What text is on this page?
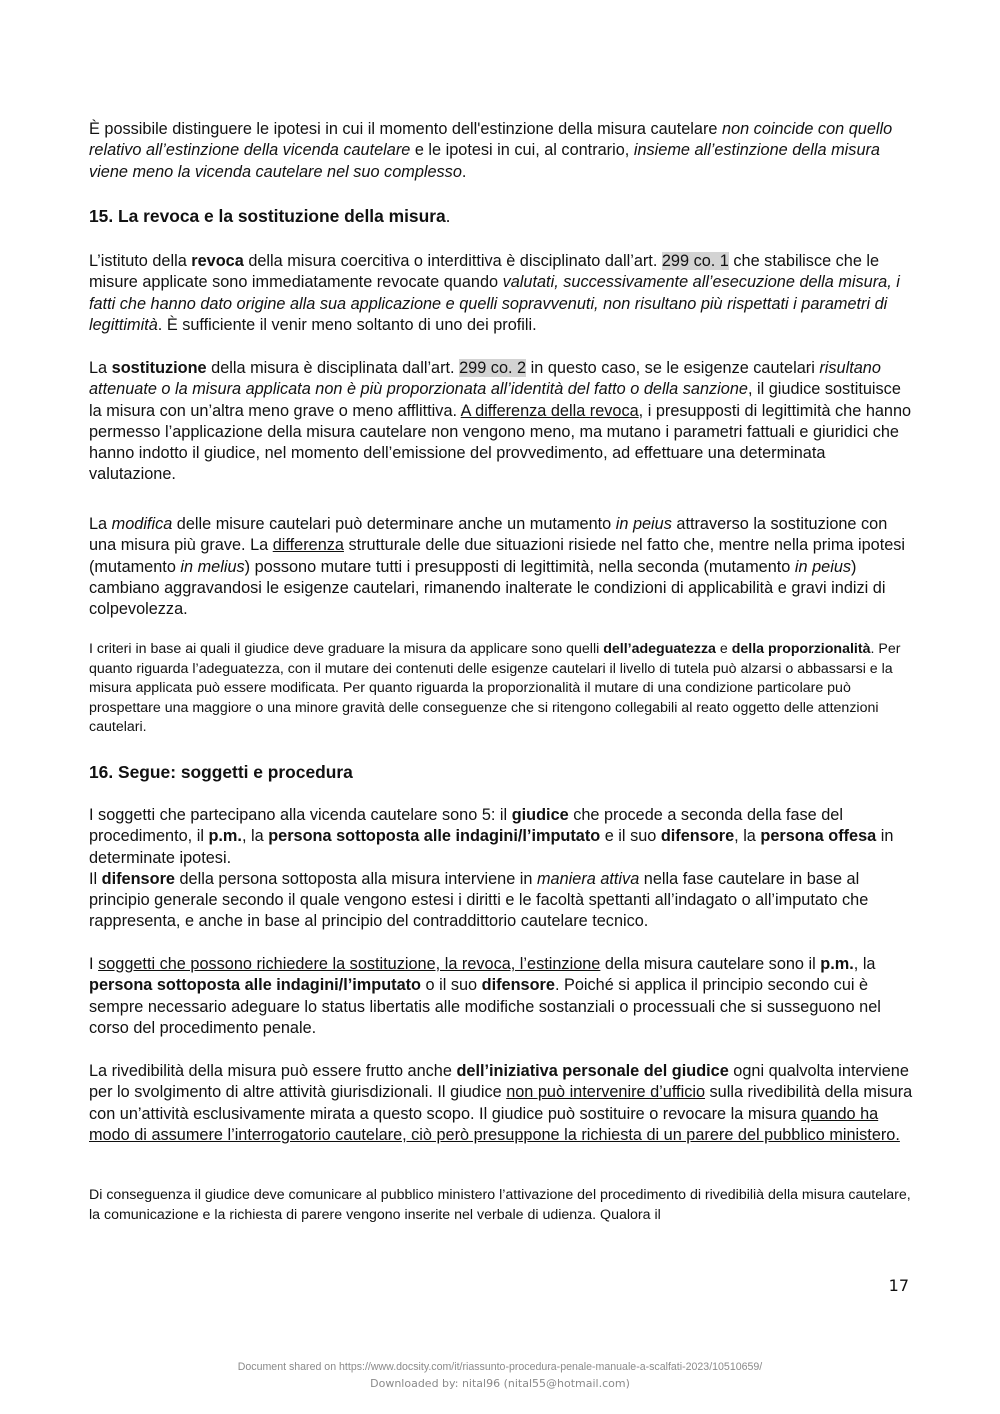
È possibile distinguere le ipotesi in cui il momento dell'estinzione della misura cautelare non coincide con quello relativo all’estinzione della vicenda cautelare e le ipotesi in cui, al contrario, insieme all’estinzione della misura viene meno la vicenda cautelare nel suo complesso.

15. La revoca e la sostituzione della misura.

L’istituto della revoca della misura coercitiva o interdittiva è disciplinato dall’art. 299 co. 1 che stabilisce che le misure applicate sono immediatamente revocate quando valutati, successivamente all’esecuzione della misura, i fatti che hanno dato origine alla sua applicazione e quelli sopravvenuti, non risultano più rispettati i parametri di legittimità. È sufficiente il venir meno soltanto di uno dei profili.

La sostituzione della misura è disciplinata dall’art. 299 co. 2 in questo caso, se le esigenze cautelari risultano attenuate o la misura applicata non è più proporzionata all’identità del fatto o della sanzione, il giudice sostituisce la misura con un’altra meno grave o meno afflittiva. A differenza della revoca, i presupposti di legittimità che hanno permesso l’applicazione della misura cautelare non vengono meno, ma mutano i parametri fattuali e giuridici che hanno indotto il giudice, nel momento dell’emissione del provvedimento, ad effettuare una determinata valutazione.

La modifica delle misure cautelari può determinare anche un mutamento in peius attraverso la sostituzione con una misura più grave. La differenza strutturale delle due situazioni risiede nel fatto che, mentre nella prima ipotesi (mutamento in melius) possono mutare tutti i presupposti di legittimità, nella seconda (mutamento in peius) cambiano aggravandosi le esigenze cautelari, rimanendo inalterate le condizioni di applicabilità e gravi indizi di colpevolezza.

I criteri in base ai quali il giudice deve graduare la misura da applicare sono quelli dell’adeguatezza e della proporzionalità. Per quanto riguarda l’adeguatezza, con il mutare dei contenuti delle esigenze cautelari il livello di tutela può alzarsi o abbassarsi e la misura applicata può essere modificata. Per quanto riguarda la proporzionalità il mutare di una condizione particolare può prospettare una maggiore o una minore gravità delle conseguenze che si ritengono collegabili al reato oggetto delle attenzioni cautelari.

16. Segue: soggetti e procedura

I soggetti che partecipano alla vicenda cautelare sono 5: il giudice che procede a seconda della fase del procedimento, il p.m., la persona sottoposta alle indagini/l’imputato e il suo difensore, la persona offesa in determinate ipotesi.
Il difensore della persona sottoposta alla misura interviene in maniera attiva nella fase cautelare in base al principio generale secondo il quale vengono estesi i diritti e le facoltà spettanti all’indagato o all’imputato che rappresenta, e anche in base al principio del contraddittorio cautelare tecnico.

I soggetti che possono richiedere la sostituzione, la revoca, l’estinzione della misura cautelare sono il p.m., la persona sottoposta alle indagini/l’imputato o il suo difensore. Poiché si applica il principio secondo cui è sempre necessario adeguare lo status libertatis alle modifiche sostanziali o processuali che si susseguono nel corso del procedimento penale.

La rivedibilità della misura può essere frutto anche dell’iniziativa personale del giudice ogni qualvolta interviene per lo svolgimento di altre attività giurisdizionali. Il giudice non può intervenire d’ufficio sulla rivedibilità della misura con un’attività esclusivamente mirata a questo scopo. Il giudice può sostituire o revocare la misura quando ha modo di assumere l’interrogatorio cautelare, ciò però presuppone la richiesta di un parere del pubblico ministero.

Di conseguenza il giudice deve comunicare al pubblico ministero l’attivazione del procedimento di rivedibilià della misura cautelare, la comunicazione e la richiesta di parere vengono inserite nel verbale di udienza. Qualora il

17
Document shared on https://www.docsity.com/it/riassunto-procedura-penale-manuale-a-scalfati-2023/10510659/
Downloaded by: nital96 (nital55@hotmail.com)
